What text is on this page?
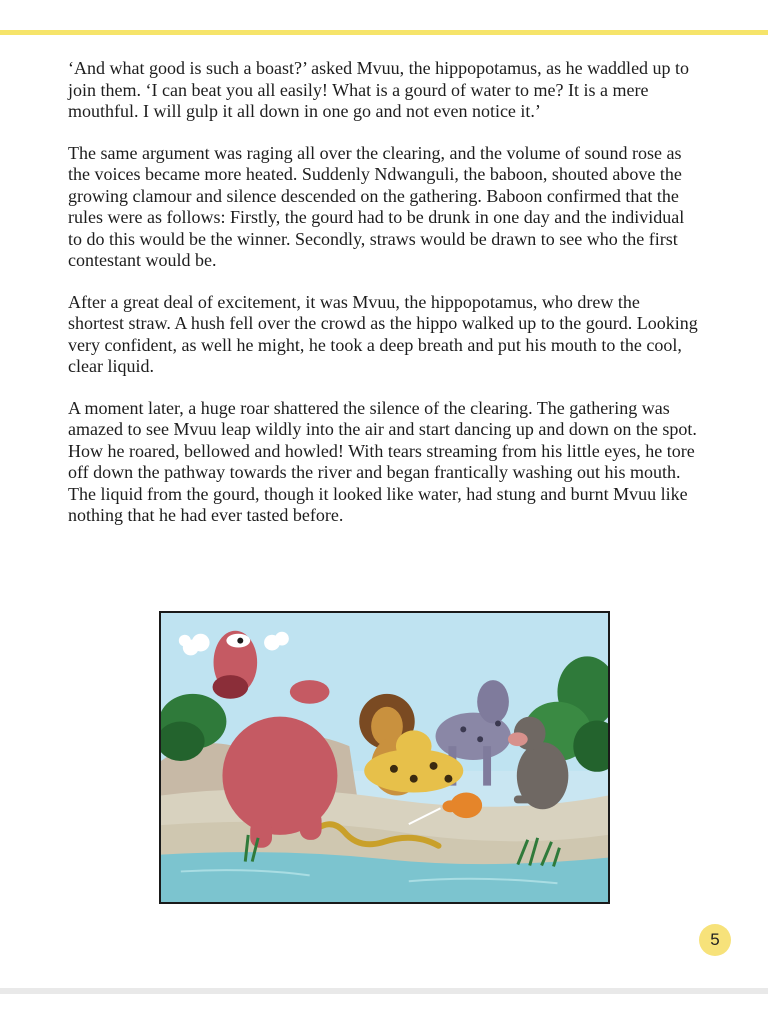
‘And what good is such a boast?’ asked Mvuu, the hippopotamus, as he waddled up to join them. ‘I can beat you all easily! What is a gourd of water to me? It is a mere mouthful. I will gulp it all down in one go and not even notice it.’

The same argument was raging all over the clearing, and the volume of sound rose as the voices became more heated. Suddenly Ndwanguli, the baboon, shouted above the growing clamour and silence descended on the gathering. Baboon confirmed that the rules were as follows: Firstly, the gourd had to be drunk in one day and the individual to do this would be the winner. Secondly, straws would be drawn to see who the first contestant would be.

After a great deal of excitement, it was Mvuu, the hippopotamus, who drew the shortest straw. A hush fell over the crowd as the hippo walked up to the gourd. Looking very confident, as well he might, he took a deep breath and put his mouth to the cool, clear liquid.

A moment later, a huge roar shattered the silence of the clearing. The gathering was amazed to see Mvuu leap wildly into the air and start dancing up and down on the spot. How he roared, bellowed and howled! With tears streaming from his little eyes, he tore off down the pathway towards the river and began frantically washing out his mouth. The liquid from the gourd, though it looked like water, had stung and burnt Mvuu like nothing that he had ever tasted before.

5
